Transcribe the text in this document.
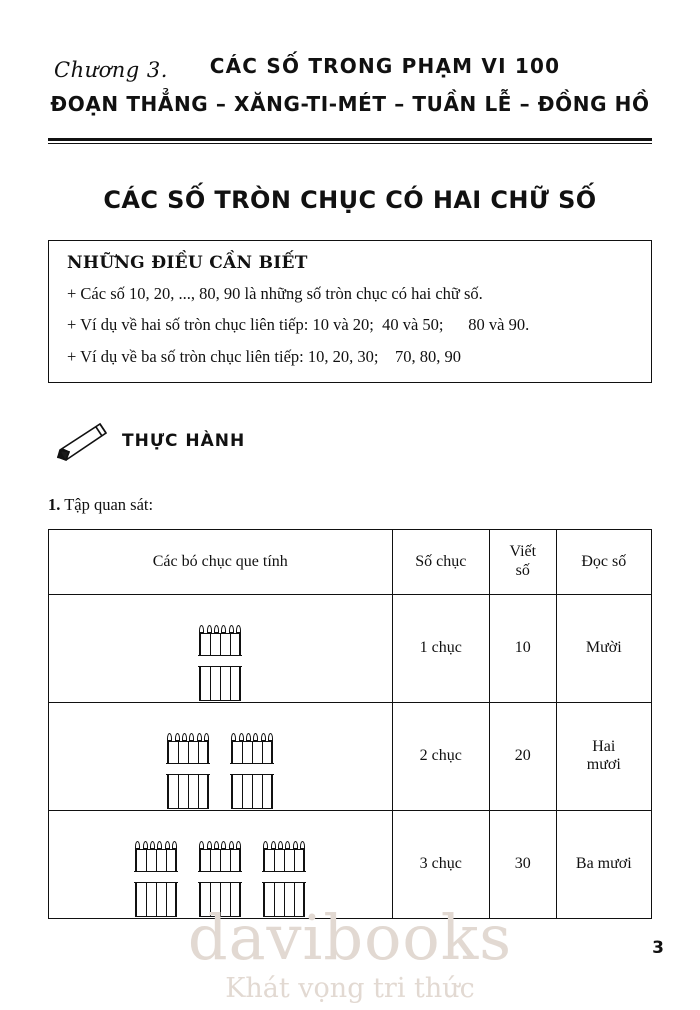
Chương 3.	CÁC SỐ TRONG PHẠM VI 100
ĐOẠN THẲNG – XĂNG-TI-MÉT – TUẦN LỄ – ĐỒNG HỒ
CÁC SỐ TRÒN CHỤC CÓ HAI CHỮ SỐ
NHỮNG ĐIỀU CẦN BIẾT

+ Các số 10, 20, ..., 80, 90 là những số tròn chục có hai chữ số.

+ Ví dụ về hai số tròn chục liên tiếp: 10 và 20;  40 và 50;      80 và 90.

+ Ví dụ về ba số tròn chục liên tiếp: 10, 20, 30;    70, 80, 90

THỰC HÀNH
1. Tập quan sát:
Các bó chục que tính	Số chục	Viết
số	Đọc số

	1 chục	10	Mười

	2 chục	20	Hai
mươi

	3 chục	30	Ba mươi
3
davibooks
Khát vọng tri thức
